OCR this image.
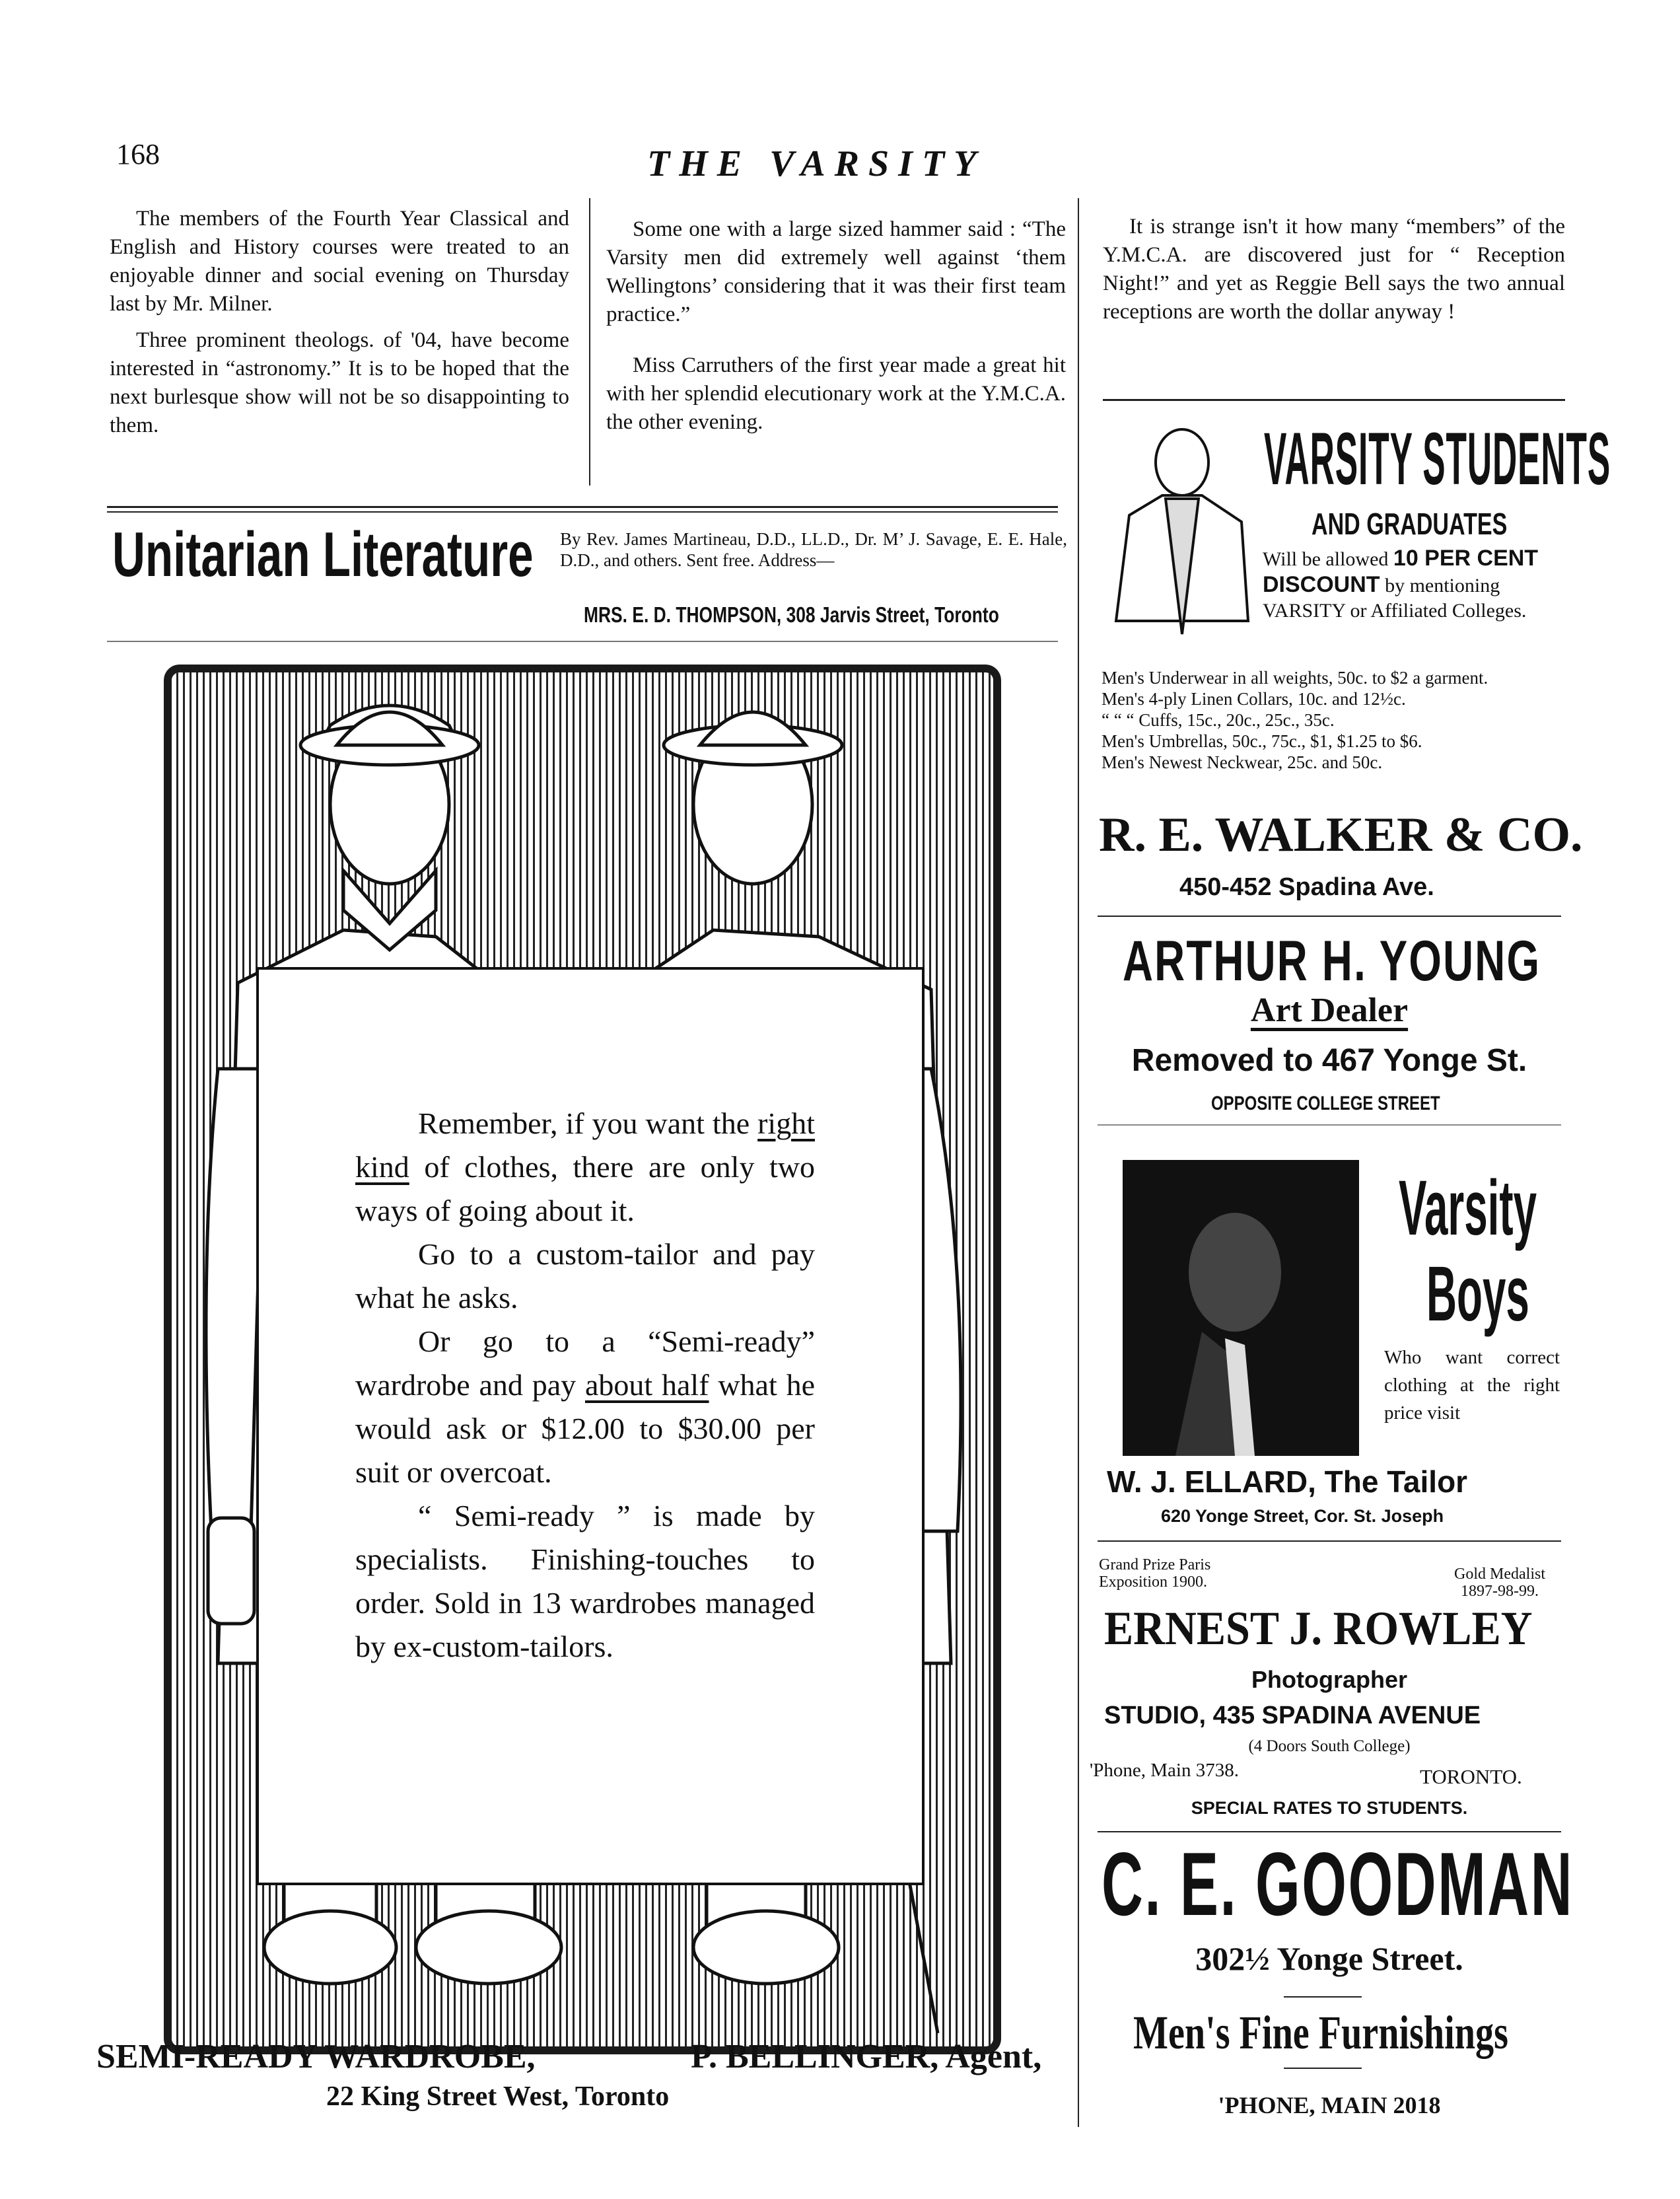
168	THE VARSITY

The members of the Fourth Year Classical and English and History courses were treated to an enjoyable dinner and social evening on Thursday last by Mr. Milner.

Three prominent theologs. of '04, have become interested in “astronomy.” It is to be hoped that the next burlesque show will not be so disappointing to them.

Some one with a large sized hammer said : “The Varsity men did extremely well against ‘them Wellingtons’ considering that it was their first team practice.”

Miss Carruthers of the first year made a great hit with her splendid elecutionary work at the Y.M.C.A. the other evening.

It is strange isn't it how many “members” of the Y.M.C.A. are discovered just for “ Reception Night!” and yet as Reggie Bell says the two annual receptions are worth the dollar anyway !

Unitarian Literature By Rev. James Martineau, D.D., LL.D., Dr. M’ J. Savage, E. E. Hale, D.D., and others. Sent free. Address—
MRS. E. D. THOMPSON, 308 Jarvis Street, Toronto

Remember, if you want the right kind of clothes, there are only two ways of going about it.

Go to a custom-tailor and pay what he asks.

Or go to a “Semi-ready” wardrobe and pay about half what he would ask or $12.00 to $30.00 per suit or overcoat.

“ Semi-ready ” is made by specialists. Finishing-touches to order. Sold in 13 wardrobes managed by ex-custom-tailors.

SEMI-READY WARDROBE,	P. BELLINGER, Agent,
22 King Street West, Toronto
VARSITY STUDENTS
AND GRADUATES
Will be allowed 10 PER CENT DISCOUNT by mentioning VARSITY or Affiliated Colleges.
Men's Underwear in all weights, 50c. to $2 a garment.
Men's 4-ply Linen Collars, 10c. and 12½c.
“ “ “ Cuffs, 15c., 20c., 25c., 35c.
Men's Umbrellas, 50c., 75c., $1, $1.25 to $6.
Men's Newest Neckwear, 25c. and 50c.
R. E. WALKER & CO.
450-452 Spadina Ave.
ARTHUR H. YOUNG
Art Dealer
Removed to 467 Yonge St.
OPPOSITE COLLEGE STREET
Varsity
Boys
Who want correct clothing at the right price visit
W. J. ELLARD, The Tailor
620 Yonge Street, Cor. St. Joseph
Grand Prize Paris Exposition 1900.	Gold Medalist 1897-98-99.
ERNEST J. ROWLEY
Photographer
STUDIO, 435 SPADINA AVENUE
(4 Doors South College)
'Phone, Main 3738.	TORONTO.
SPECIAL RATES TO STUDENTS.
C. E. GOODMAN
302½ Yonge Street.
Men's Fine Furnishings
'PHONE, MAIN 2018
